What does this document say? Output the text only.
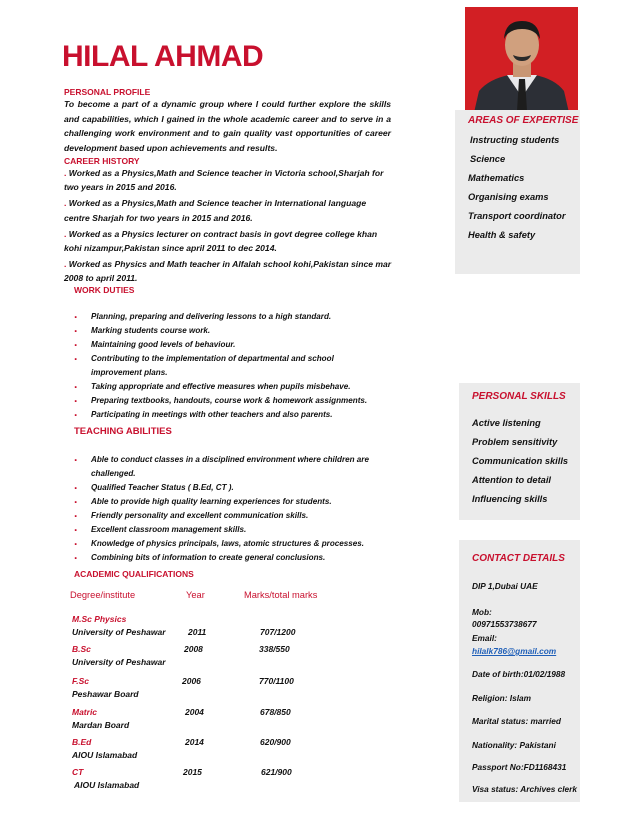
HILAL AHMAD
PERSONAL PROFILE

To become a part of a dynamic group where I could further explore the skills and capabilities, which I gained in the whole academic career and to serve in a challenging work environment and to gain quality vast opportunities of career development based upon achievements and results.

CAREER HISTORY

. Worked as a Physics,Math and Science teacher in Victoria school,Sharjah for two years in 2015 and 2016.

. Worked as a Physics,Math and Science teacher in International language centre Sharjah for two years in 2015 and 2016.

. Worked as a Physics lecturer on contract basis in govt degree college khan kohi nizampur,Pakistan since april 2011 to dec 2014.

. Worked as Physics and Math teacher in Alfalah school kohi,Pakistan since mar 2008 to april 2011.

WORK DUTIES
. Planning, preparing and delivering lessons to a high standard.
. Marking students course work.
. Maintaining good levels of behaviour.
. Contributing to the implementation of departmental and school improvement plans.
. Taking appropriate and effective measures when pupils misbehave.
. Preparing textbooks, handouts, course work & homework assignments.
. Participating in meetings with other teachers and also parents.
TEACHING ABILITIES
. Able to conduct classes in a disciplined environment where children are challenged.
. Qualified Teacher Status ( B.Ed, CT ).
. Able to provide high quality learning experiences for students.
. Friendly personality and excellent communication skills.
. Excellent classroom management skills.
. Knowledge of physics principals, laws, atomic structures & processes.
. Combining bits of information to create general conclusions.
ACADEMIC QUALIFICATIONS
Degree/institute	Year	Marks/total marks
M.Sc Physics
University of Peshawar	2011	707/1200
B.Sc
University of Peshawar
2008	338/550
F.Sc
Peshawar Board
2006	770/1100
Matric
Mardan Board
2004	678/850
B.Ed
AIOU Islamabad
2014	620/900
CT
AIOU Islamabad
2015	621/900
AREAS OF EXPERTISE
Instructing students
Science
Mathematics
Organising exams
Transport coordinator
Health & safety
PERSONAL SKILLS
Active listening
Problem sensitivity
Communication skills
Attention to detail
Influencing skills
CONTACT DETAILS
DIP 1,Dubai UAE
Mob:
00971553738677
Email:
hilalk786@gmail.com
Date of birth:01/02/1988
Religion: Islam
Marital status: married
Nationality: Pakistani
Passport No:FD1168431
Visa status: Archives clerk
